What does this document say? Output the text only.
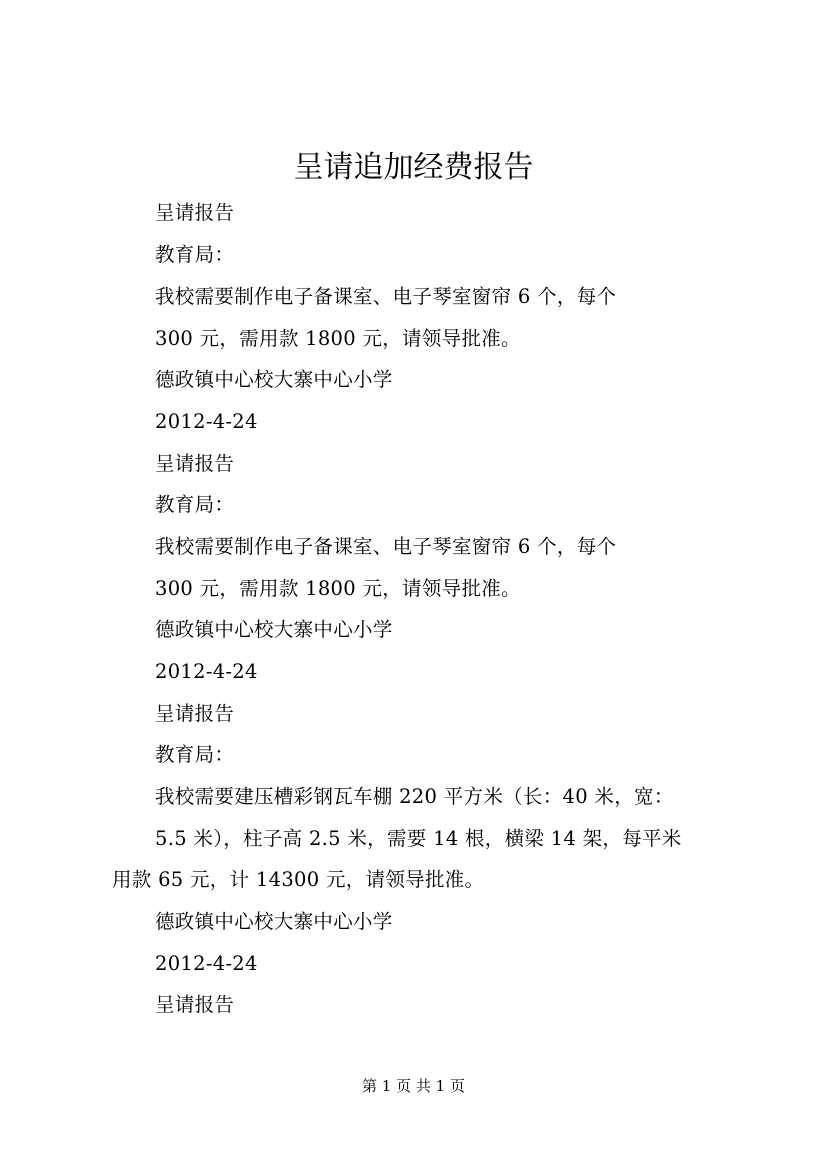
呈请追加经费报告
呈请报告
教育局：
我校需要制作电子备课室、电子琴室窗帘 6 个，每个
300 元，需用款 1800 元，请领导批准。
德政镇中心校大寨中心小学
2012-4-24
呈请报告
教育局：
我校需要制作电子备课室、电子琴室窗帘 6 个，每个
300 元，需用款 1800 元，请领导批准。
德政镇中心校大寨中心小学
2012-4-24
呈请报告
教育局：
我校需要建压槽彩钢瓦车棚 220 平方米（长：40 米，宽：
5.5 米），柱子高 2.5 米，需要 14 根，横梁 14 架，每平米
用款 65 元，计 14300 元，请领导批准。
德政镇中心校大寨中心小学
2012-4-24
呈请报告
第 1 页 共 1 页
